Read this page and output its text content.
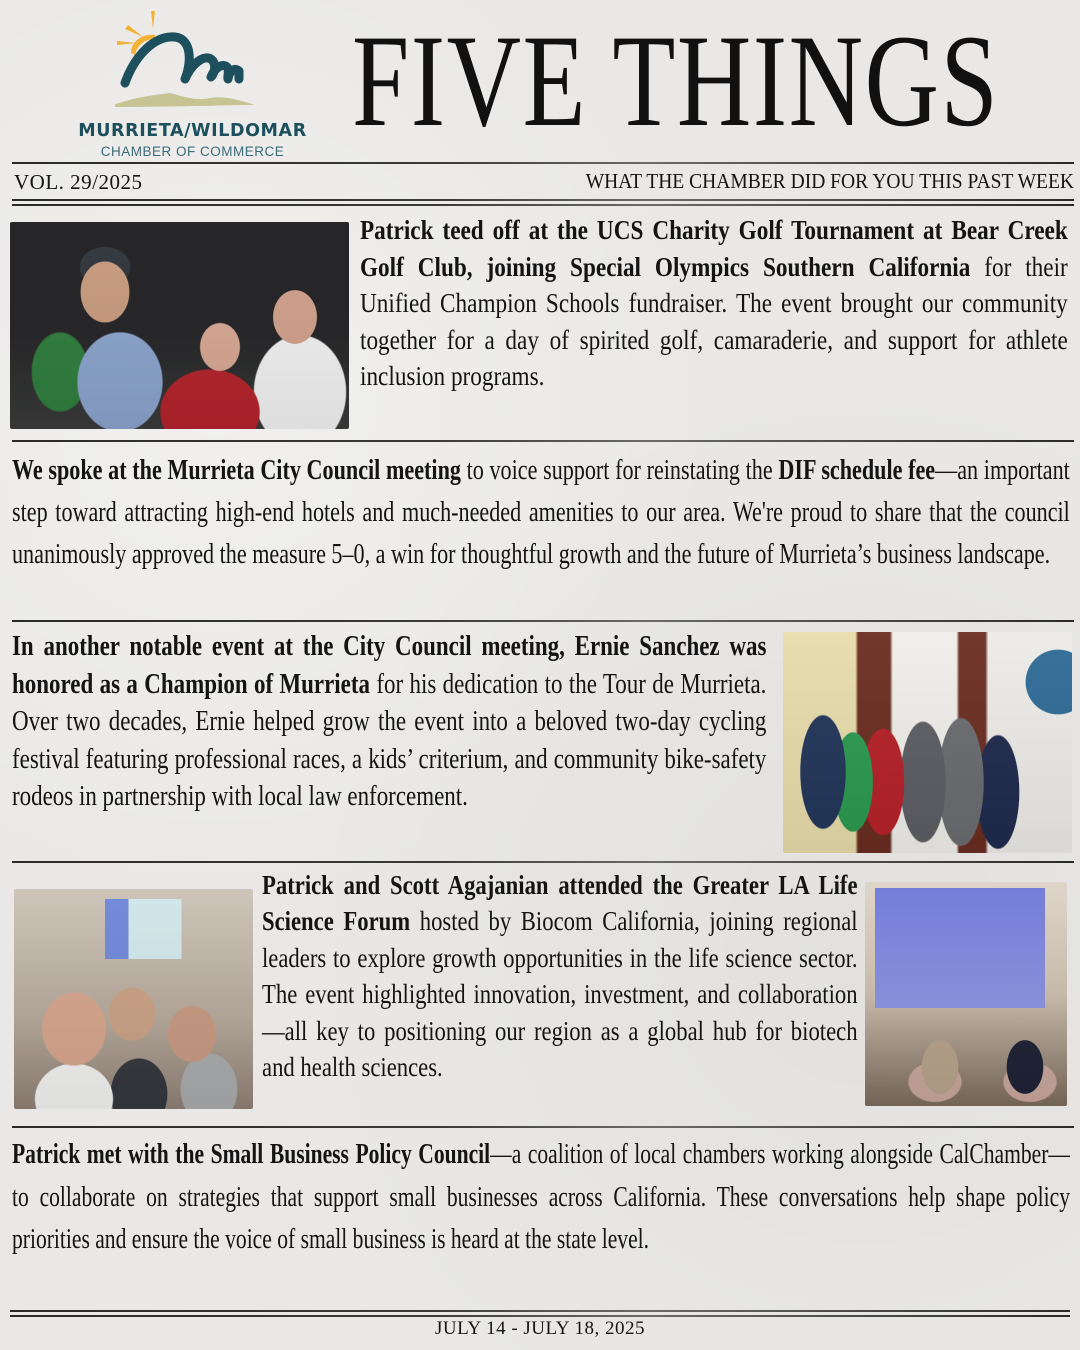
MURRIETA/WILDOMAR
CHAMBER OF COMMERCE FIVE THINGS
VOL. 29/2025	WHAT THE CHAMBER DID FOR YOU THIS PAST WEEK
Patrick teed off at the UCS Charity Golf Tournament at Bear Creek Golf Club, joining Special Olympics Southern California for their Unified Champion Schools fundraiser. The event brought our community together for a day of spirited golf, camaraderie, and support for athlete inclusion programs.
We spoke at the Murrieta City Council meeting to voice support for reinstating the DIF schedule fee—an important step toward attracting high-end hotels and much-needed amenities to our area. We're proud to share that the council unanimously approved the measure 5–0, a win for thoughtful growth and the future of Murrieta’s business landscape.
In another notable event at the City Council meeting, Ernie Sanchez was honored as a Champion of Murrieta for his dedication to the Tour de Murrieta. Over two decades, Ernie helped grow the event into a beloved two-day cycling festival featuring professional races, a kids’ criterium, and community bike-safety rodeos in partnership with local law enforcement.
Patrick and Scott Agajanian attended the Greater LA Life Science Forum hosted by Biocom California, joining regional leaders to explore growth opportunities in the life science sector. The event highlighted innovation, investment, and collaboration—all key to positioning our region as a global hub for biotech and health sciences.
Patrick met with the Small Business Policy Council—a coalition of local chambers working alongside CalChamber—to collaborate on strategies that support small businesses across California. These conversations help shape policy priorities and ensure the voice of small business is heard at the state level.
JULY 14 - JULY 18, 2025
